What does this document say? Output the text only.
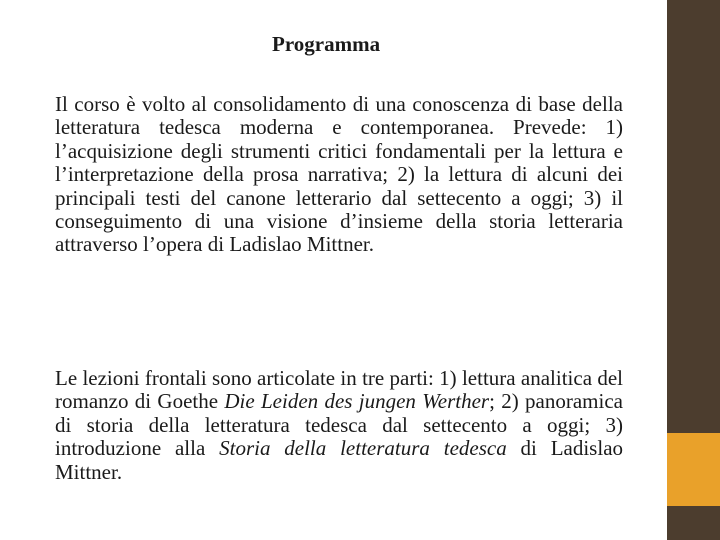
Programma

Il corso è volto al consolidamento di una conoscenza di base della letteratura tedesca moderna e contemporanea. Prevede: 1) l’acquisizione degli strumenti critici fondamentali per la lettura e l’interpretazione della prosa narrativa; 2) la lettura di alcuni dei principali testi del canone letterario dal settecento a oggi; 3) il conseguimento di una visione d’insieme della storia letteraria attraverso l’opera di Ladislao Mittner.

Le lezioni frontali sono articolate in tre parti: 1) lettura analitica del romanzo di Goethe Die Leiden des jungen Werther; 2) panoramica di storia della letteratura tedesca dal settecento a oggi; 3) introduzione alla Storia della letteratura tedesca di Ladislao Mittner.
